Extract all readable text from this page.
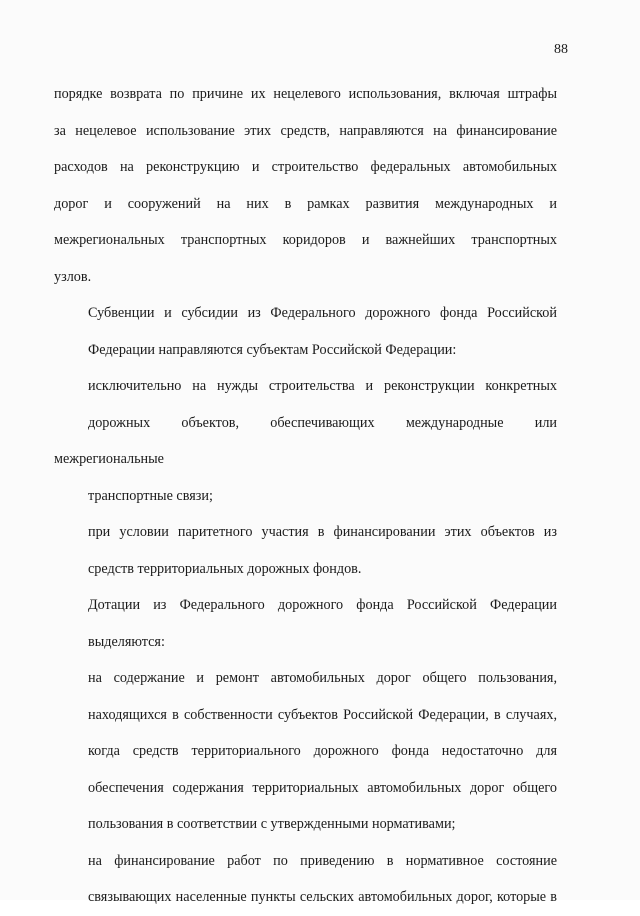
88

порядке возврата по причине их нецелевого использования, включая штрафы
за нецелевое использование этих средств, направляются на финансирование
расходов на реконструкцию и строительство федеральных автомобильных
дорог и сооружений на них в рамках развития международных и
межрегиональных транспортных коридоров и важнейших транспортных
узлов.

Субвенции и субсидии из Федерального дорожного фонда Российской
Федерации направляются субъектам Российской Федерации:

исключительно на нужды строительства и реконструкции конкретных
дорожных объектов, обеспечивающих международные или межрегиональные
транспортные связи;

при условии паритетного участия в финансировании этих объектов из
средств территориальных дорожных фондов.

Дотации из Федерального дорожного фонда Российской Федерации
выделяются:

на содержание и ремонт автомобильных дорог общего пользования,
находящихся в собственности субъектов Российской Федерации, в случаях,
когда средств территориального дорожного фонда недостаточно для
обеспечения содержания территориальных автомобильных дорог общего
пользования в соответствии с утвержденными нормативами;

на финансирование работ по приведению в нормативное состояние
связывающих населенные пункты сельских автомобильных дорог, которые в
